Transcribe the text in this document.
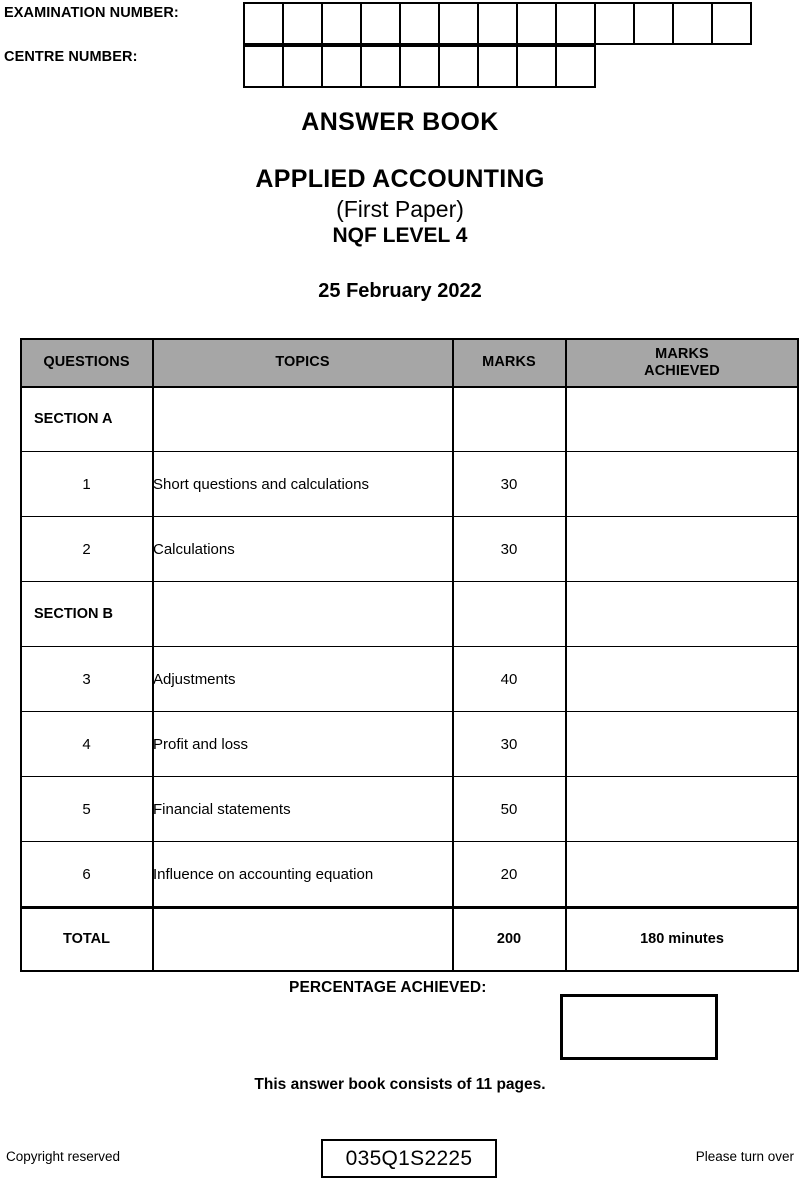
EXAMINATION NUMBER:
CENTRE NUMBER:
ANSWER BOOK
APPLIED ACCOUNTING
(First Paper)
NQF LEVEL 4
25 February 2022
QUESTIONS	TOPICS	MARKS	MARKS
ACHIEVED
SECTION A			
1	Short questions and calculations	30	
2	Calculations	30	
SECTION B			
3	Adjustments	40	
4	Profit and loss	30	
5	Financial statements	50	
6	Influence on accounting equation	20	
TOTAL		200	180 minutes
PERCENTAGE ACHIEVED:
This answer book consists of 11 pages.
Copyright reserved	035Q1S2225	Please turn over
